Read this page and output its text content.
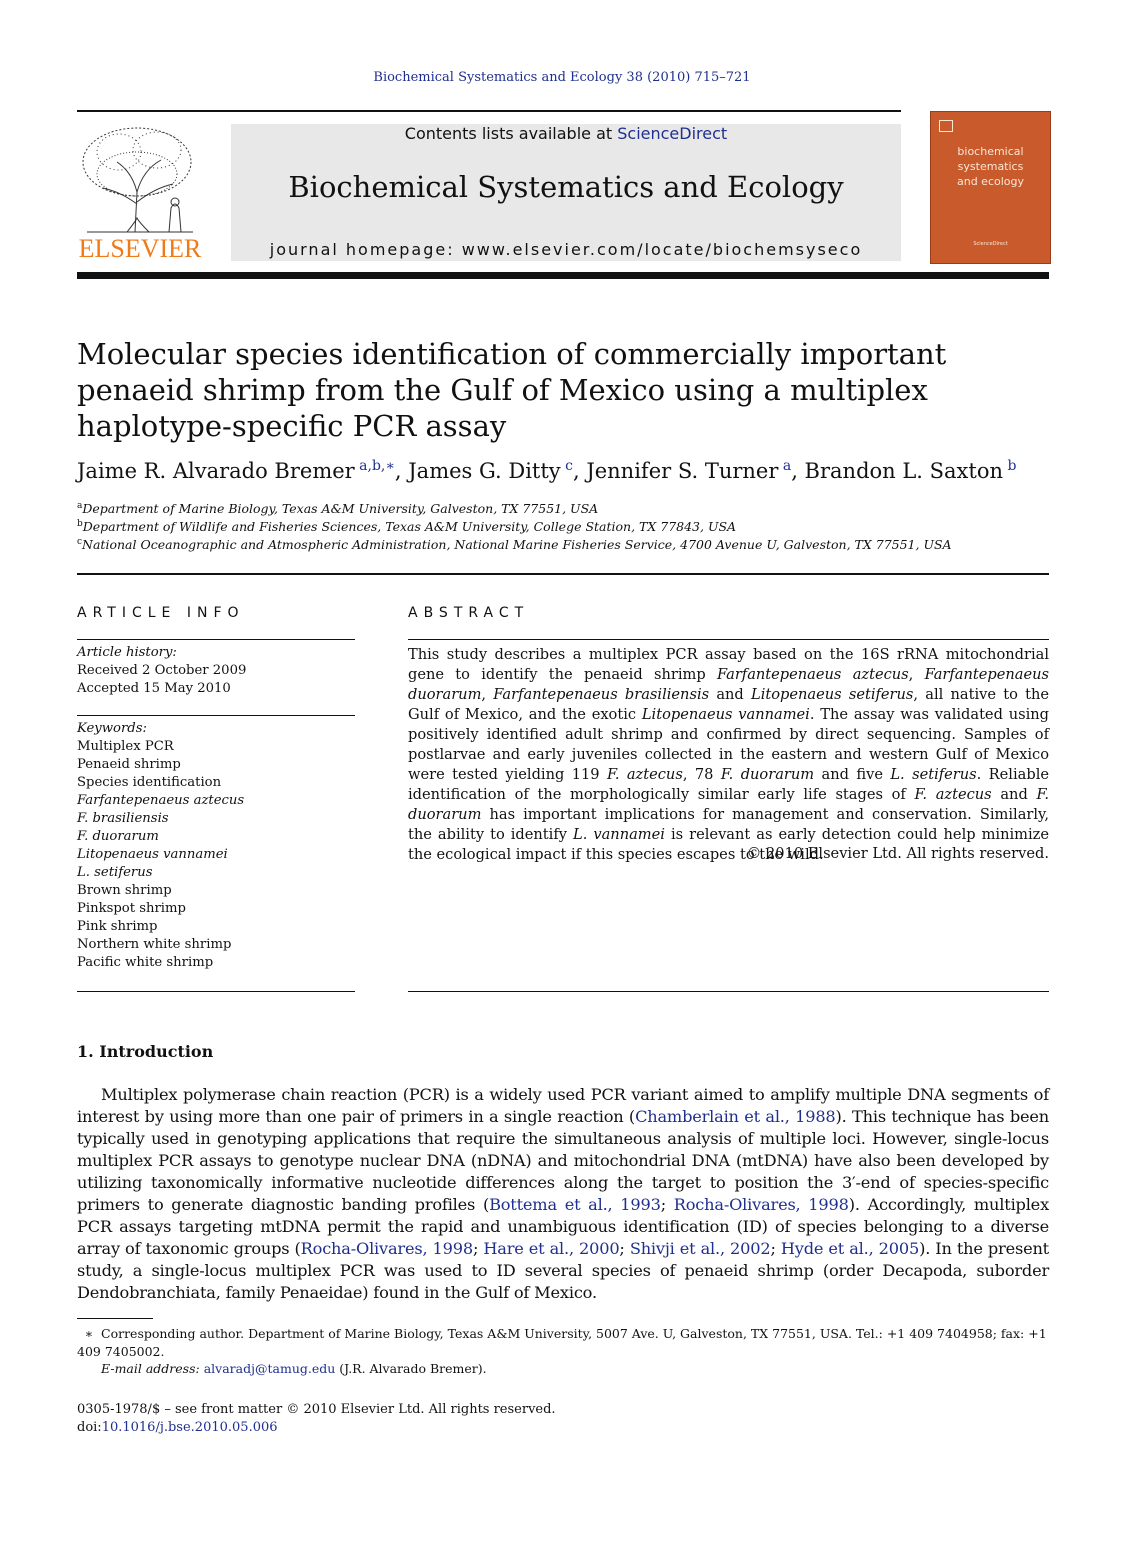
Biochemical Systematics and Ecology 38 (2010) 715–721
ELSEVIER
Contents lists available at ScienceDirect
Biochemical Systematics and Ecology
journal homepage: www.elsevier.com/locate/biochemsyseco
biochemical
systematics
and ecology
ScienceDirect
Molecular species identification of commercially important penaeid shrimp from the Gulf of Mexico using a multiplex haplotype-specific PCR assay
Jaime R. Alvarado Bremer $^{a,b,∗}$, James G. Ditty $^c$, Jennifer S. Turner $^a$, Brandon L. Saxton $^b$
$^a$Department of Marine Biology, Texas A&M University, Galveston, TX 77551, USA
$^b$Department of Wildlife and Fisheries Sciences, Texas A&M University, College Station, TX 77843, USA
$^c$National Oceanographic and Atmospheric Administration, National Marine Fisheries Service, 4700 Avenue U, Galveston, TX 77551, USA
ARTICLE INFO
Article history:
Received 2 October 2009
Accepted 15 May 2010
Keywords:
Multiplex PCR
Penaeid shrimp
Species identification
Farfantepenaeus aztecus
F. brasiliensis
F. duorarum
Litopenaeus vannamei
L. setiferus
Brown shrimp
Pinkspot shrimp
Pink shrimp
Northern white shrimp
Pacific white shrimp
ABSTRACT
This study describes a multiplex PCR assay based on the 16S rRNA mitochondrial gene to identify the penaeid shrimp Farfantepenaeus aztecus, Farfantepenaeus duorarum, Farfantepenaeus brasiliensis and Litopenaeus setiferus, all native to the Gulf of Mexico, and the exotic Litopenaeus vannamei. The assay was validated using positively identified adult shrimp and confirmed by direct sequencing. Samples of postlarvae and early juveniles collected in the eastern and western Gulf of Mexico were tested yielding 119 F. aztecus, 78 F. duorarum and five L. setiferus. Reliable identification of the morphologically similar early life stages of F. aztecus and F. duorarum has important implications for management and conservation. Similarly, the ability to identify L. vannamei is relevant as early detection could help minimize the ecological impact if this species escapes to the wild.
© 2010 Elsevier Ltd. All rights reserved.
1. Introduction
Multiplex polymerase chain reaction (PCR) is a widely used PCR variant aimed to amplify multiple DNA segments of interest by using more than one pair of primers in a single reaction (Chamberlain et al., 1988). This technique has been typically used in genotyping applications that require the simultaneous analysis of multiple loci. However, single-locus multiplex PCR assays to genotype nuclear DNA (nDNA) and mitochondrial DNA (mtDNA) have also been developed by utilizing taxonomically informative nucleotide differences along the target to position the 3′-end of species-specific primers to generate diagnostic banding profiles (Bottema et al., 1993; Rocha-Olivares, 1998). Accordingly, multiplex PCR assays targeting mtDNA permit the rapid and unambiguous identification (ID) of species belonging to a diverse array of taxonomic groups (Rocha-Olivares, 1998; Hare et al., 2000; Shivji et al., 2002; Hyde et al., 2005). In the present study, a single-locus multiplex PCR was used to ID several species of penaeid shrimp (order Decapoda, suborder Dendobranchiata, family Penaeidae) found in the Gulf of Mexico.
∗ Corresponding author. Department of Marine Biology, Texas A&M University, 5007 Ave. U, Galveston, TX 77551, USA. Tel.: +1 409 7404958; fax: +1 409 7405002.
E-mail address: alvaradj@tamug.edu (J.R. Alvarado Bremer).
0305-1978/$ – see front matter © 2010 Elsevier Ltd. All rights reserved.
doi:10.1016/j.bse.2010.05.006
